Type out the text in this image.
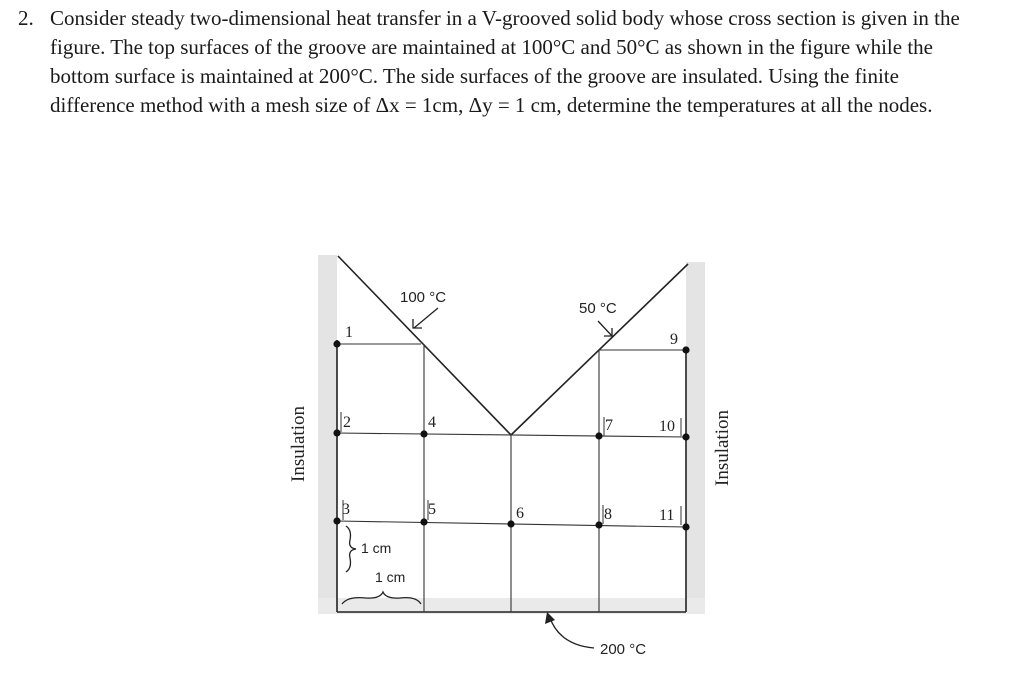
2. Consider steady two-dimensional heat transfer in a V-grooved solid body whose cross section is given in the figure. The top surfaces of the groove are maintained at 100°C and 50°C as shown in the figure while the bottom surface is maintained at 200°C. The side surfaces of the groove are insulated. Using the finite difference method with a mesh size of Δx = 1cm, Δy = 1 cm, determine the temperatures at all the nodes.
1
2
3
4
5	6
7
8
9
10
11
100 °C
50 °C
200 °C
Insulation	Insulation
1 cm
1 cm
